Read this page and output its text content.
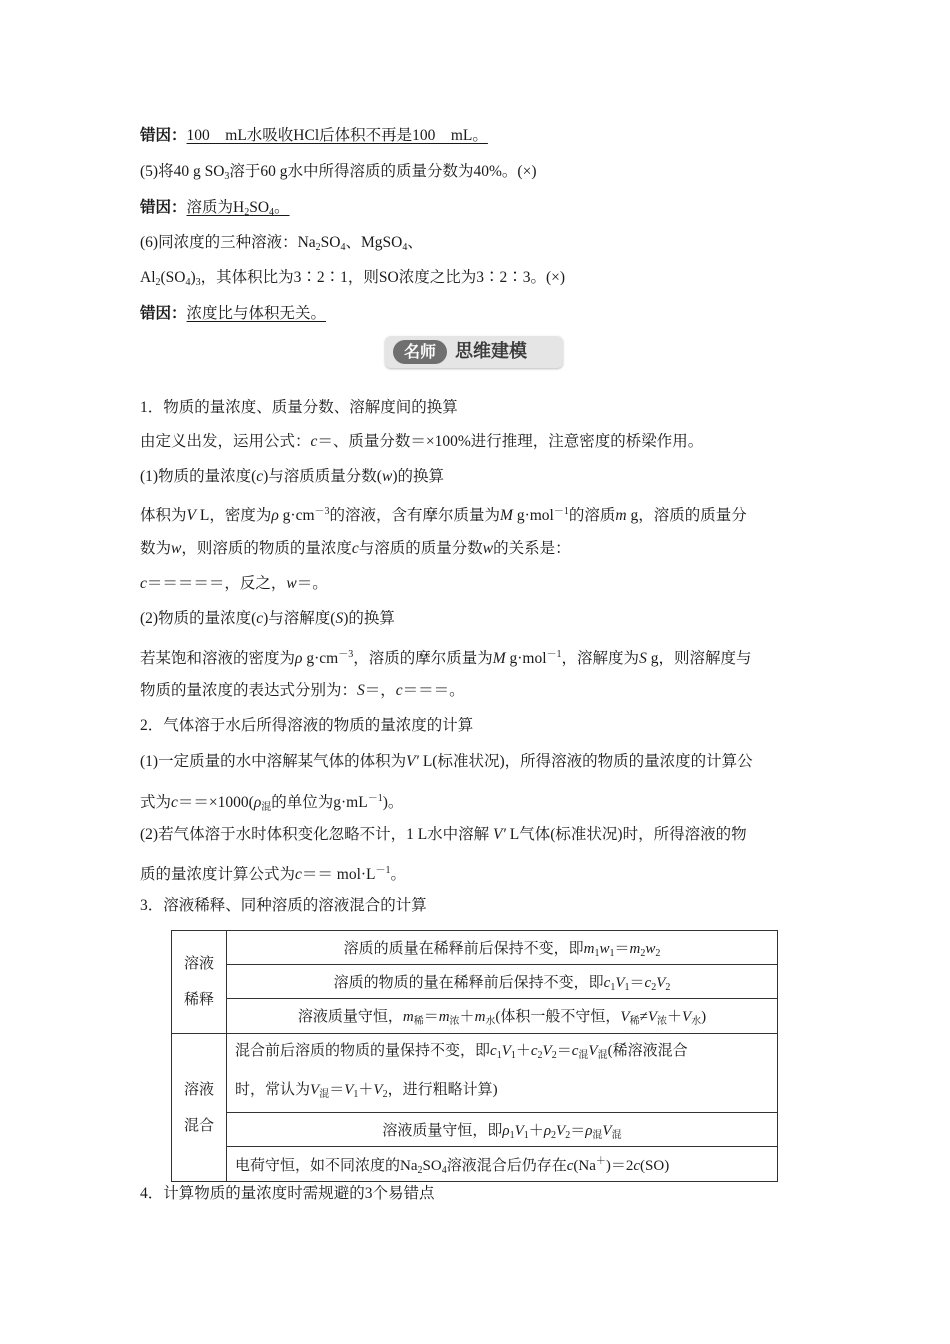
错因：100　mL水吸收HCl后体积不再是100　mL。
(5)将40 g $SO_3$溶于60 g水中所得溶质的质量分数为40%。(×)
错因：溶质为$H_2SO_4$。
(6)同浓度的三种溶液：$Na_2SO_4$、MgSO$_4$、
$Al_2(SO_4)_3$，其体积比为3∶2∶1，则SO浓度之比为3∶2∶3。(×)
错因：浓度比与体积无关。
名师	思维建模
1．物质的量浓度、质量分数、溶解度间的换算
由定义出发，运用公式：c＝、质量分数＝×100%进行推理，注意密度的桥梁作用。
(1)物质的量浓度(c)与溶质质量分数(w)的换算
体积为V L，密度为ρ $g\cdot cm^{-3}$的溶液，含有摩尔质量为M g·mol$^{-1}$的溶质m g，溶质的质量分
数为w，则溶质的物质的量浓度c与溶质的质量分数w的关系是：
c＝＝＝＝＝，反之，w＝。
(2)物质的量浓度(c)与溶解度(S)的换算
若某饱和溶液的密度为ρ $g\cdot cm^{-3}$，溶质的摩尔质量为M g·mol$^{-1}$，溶解度为S g，则溶解度与
物质的量浓度的表达式分别为：S＝，c＝＝＝。
2．气体溶于水后所得溶液的物质的量浓度的计算
(1)一定质量的水中溶解某气体的体积为V′ L(标准状况)，所得溶液的物质的量浓度的计算公
式为$c==\times 1000(\rho_混$的单位为$g\cdot mL^{-1}$)。
(2)若气体溶于水时体积变化忽略不计，1 L水中溶解 V′ L气体(标准状况)时，所得溶液的物
质的量浓度计算公式为$c== mol\cdot L^{-1}$。
3．溶液稀释、同种溶质的溶液混合的计算
溶液
稀释	溶质的质量在稀释前后保持不变，即$m_1w_1=m_2w_2$
	溶质的物质的量在稀释前后保持不变，即$c_1V_1=c_2V_2$
	溶液质量守恒，$m_稀=m_浓+m_水$(体积一般不守恒，$V_稀\ne V_浓+V_水$)
溶液
混合	混合前后溶质的物质的量保持不变，即$c_1V_1+c_2V_2=c_混V_混$(稀溶液混合
时，常认为$V_混=V_1+V_2$，进行粗略计算)
	溶液质量守恒，即$\rho_1V_1+\rho_2V_2=\rho_混V_混$
	电荷守恒，如不同浓度的$Na_2SO_4$溶液混合后仍存在c(Na＋)＝2c(SO)
4．计算物质的量浓度时需规避的3个易错点
